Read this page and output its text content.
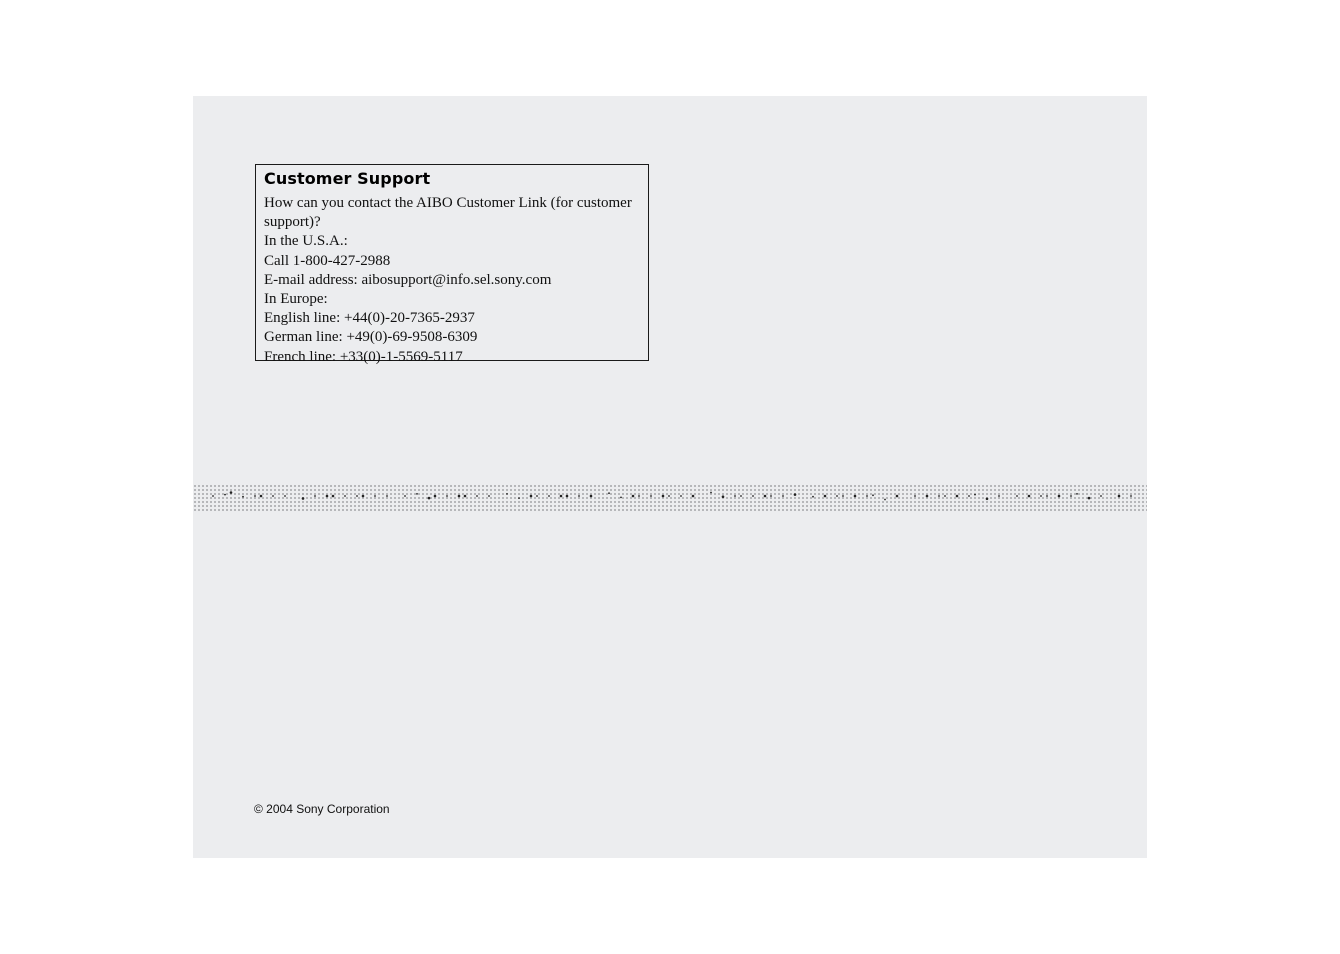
Customer Support

How can you contact the AIBO Customer Link (for customer support)?

In the U.S.A.:

Call 1-800-427-2988

E-mail address: aibosupport@info.sel.sony.com

In Europe:

English line: +44(0)-20-7365-2937

German line: +49(0)-69-9508-6309

French line: +33(0)-1-5569-5117

© 2004 Sony Corporation
